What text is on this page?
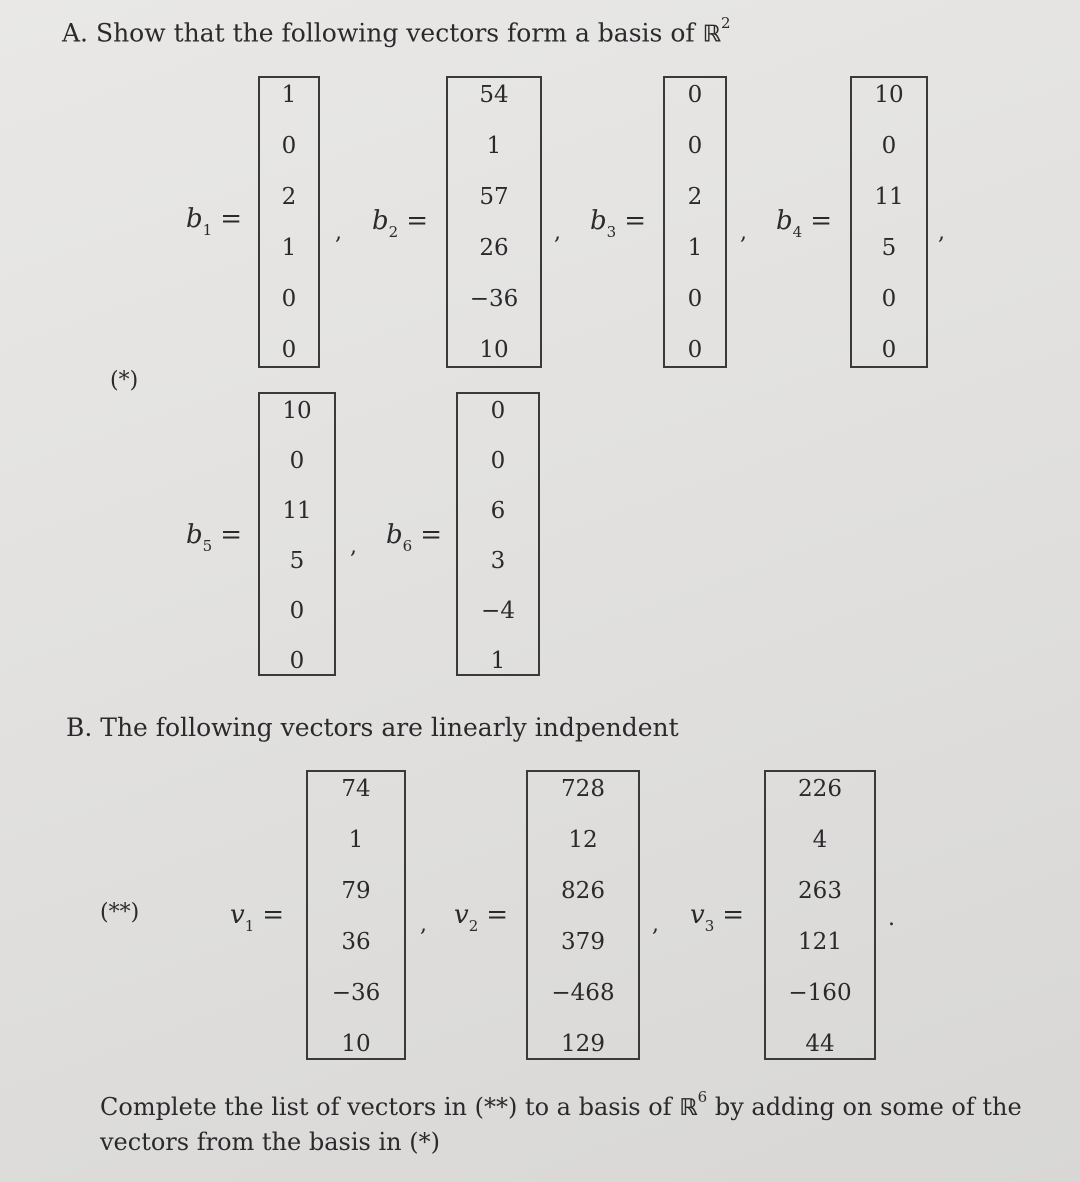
A. Show that the following vectors form a basis of ℝ$^2$
(*)
$b_1$ =
1
0
2
1
0
0
, $b_2$ =
54
1
57
26
−36
10
, $b_3$ =
0
0
2
1
0
0
, $b_4$ =
10
0
11
5
0
0
,
$b_5$ =
10
0
11
5
0
0
, $b_6$ =
0
0
6
3
−4
1
B. The following vectors are linearly indpendent
(**)	$v_1$ =
74
1
79
36
−36
10
, $v_2$ =
728
12
826
379
−468
129
, $v_3$ =
226
4
263
121
−160
44
.
Complete the list of vectors in (**) to a basis of ℝ$^6$ by adding on some of the vectors from the basis in (*)
